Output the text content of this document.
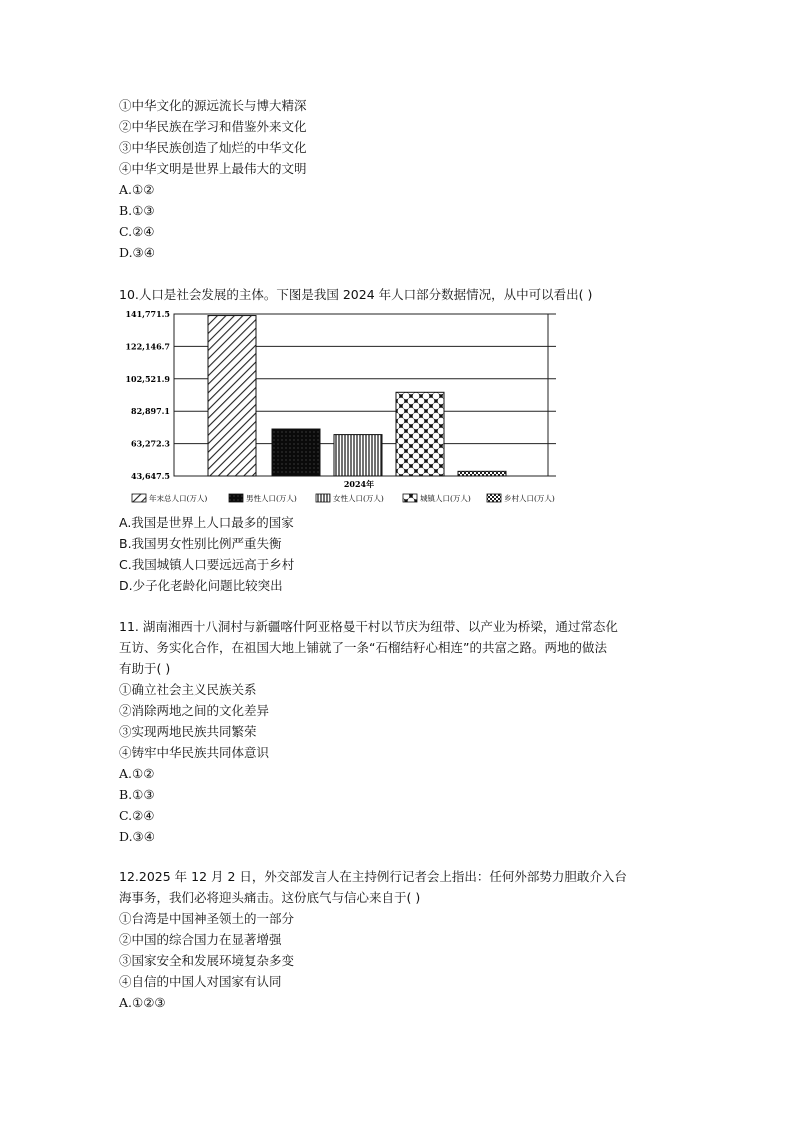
①中华文化的源远流长与博大精深
②中华民族在学习和借鉴外来文化
③中华民族创造了灿烂的中华文化
④中华文明是世界上最伟大的文明
A.①②
B.①③
C.②④
D.③④
10.人口是社会发展的主体。下图是我国 2024 年人口部分数据情况，从中可以看出( )
141,771.5
122,146.7
102,521.9
82,897.1
63,272.3
43,647.5
2024年
年末总人口(万人)	男性人口(万人)	女性人口(万人)	城镇人口(万人)	乡村人口(万人)
A.我国是世界上人口最多的国家
B.我国男女性别比例严重失衡
C.我国城镇人口要远远高于乡村
D.少子化老龄化问题比较突出
11. 湖南湘西十八洞村与新疆喀什阿亚格曼干村以节庆为纽带、以产业为桥梁，通过常态化
互访、务实化合作，在祖国大地上铺就了一条“石榴结籽心相连”的共富之路。两地的做法
有助于( )
①确立社会主义民族关系
②消除两地之间的文化差异
③实现两地民族共同繁荣
④铸牢中华民族共同体意识
A.①②
B.①③
C.②④
D.③④
12.2025 年 12 月 2 日，外交部发言人在主持例行记者会上指出：任何外部势力胆敢介入台
海事务，我们必将迎头痛击。这份底气与信心来自于( )
①台湾是中国神圣领土的一部分
②中国的综合国力在显著增强
③国家安全和发展环境复杂多变
④自信的中国人对国家有认同
A.①②③
